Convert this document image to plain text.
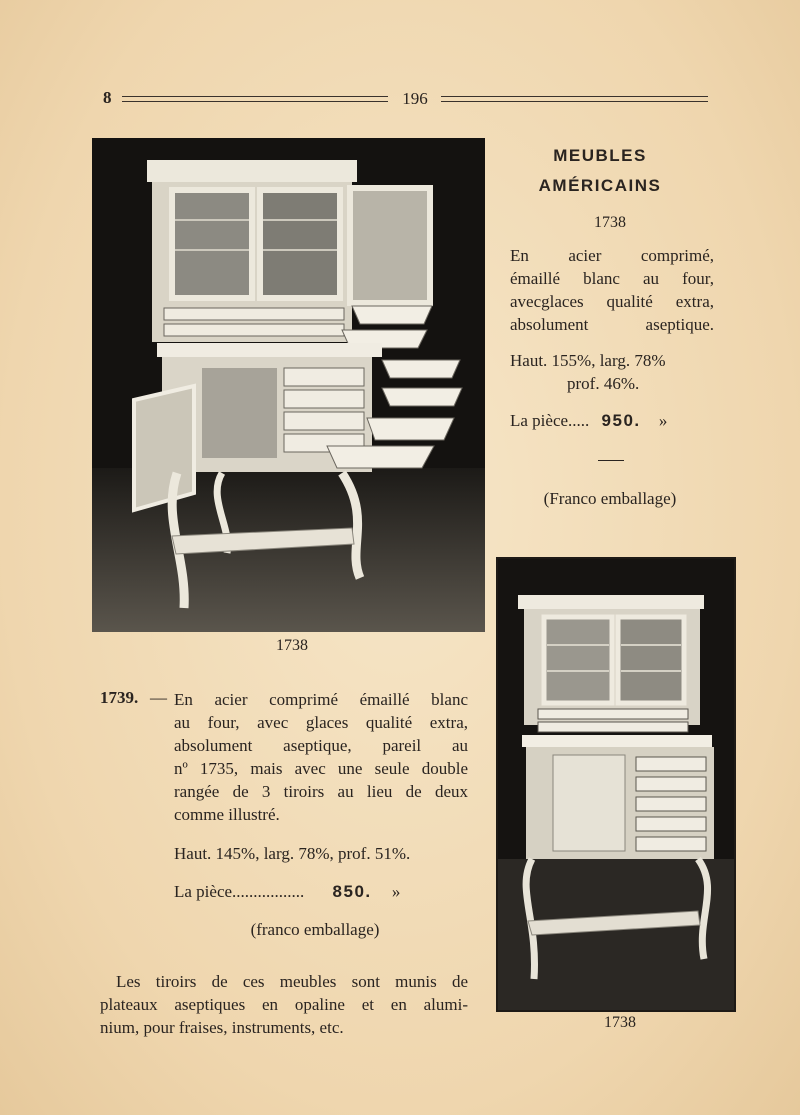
8	196
1738
MEUBLES
AMÉRICAINS
1738
En acier comprimé,
émaillé blanc au four,
avecglaces qualité extra,
absolument aseptique.
Haut. 155%, larg. 78%
prof. 46%.
La pièce..... 950. »
(Franco emballage)
1738
1739. — En acier comprimé émaillé blanc
au four, avec glaces qualité extra,
absolument aseptique, pareil au
nº 1735, mais avec une seule double
rangée de 3 tiroirs au lieu de deux
comme illustré.
Haut. 145%, larg. 78%, prof. 51%.
La pièce................. 850. »
(franco emballage)
Les tiroirs de ces meubles sont munis de
plateaux aseptiques en opaline et en alumi-
nium, pour fraises, instruments, etc.
